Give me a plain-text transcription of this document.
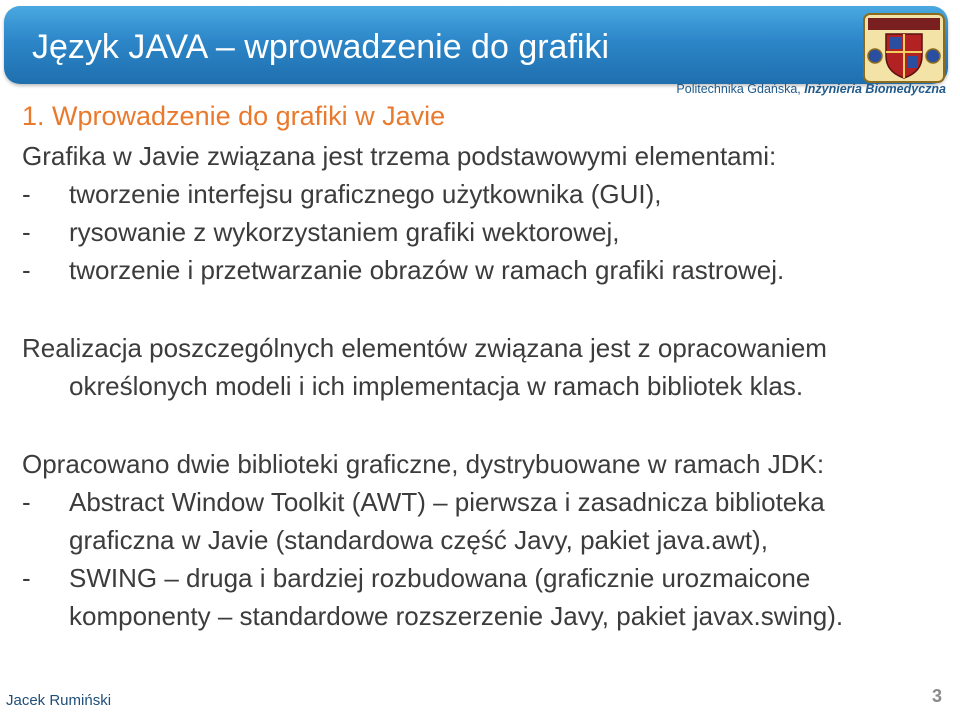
Język JAVA – wprowadzenie do grafiki
Politechnika Gdańska, Inżynieria Biomedyczna
1. Wprowadzenie do grafiki w Javie
Grafika w Javie związana jest trzema podstawowymi elementami:
- tworzenie interfejsu graficznego użytkownika (GUI),
- rysowanie z wykorzystaniem grafiki wektorowej,
- tworzenie i przetwarzanie obrazów w ramach grafiki rastrowej.
Realizacja poszczególnych elementów związana jest z opracowaniem
określonych modeli i ich implementacja w ramach bibliotek klas.
Opracowano dwie biblioteki graficzne, dystrybuowane w ramach JDK:
- Abstract Window Toolkit (AWT) – pierwsza i zasadnicza biblioteka
graficzna w Javie (standardowa część Javy, pakiet java.awt),
- SWING – druga i bardziej rozbudowana (graficznie urozmaicone
komponenty – standardowe rozszerzenie Javy, pakiet javax.swing).
Jacek Rumiński	3
